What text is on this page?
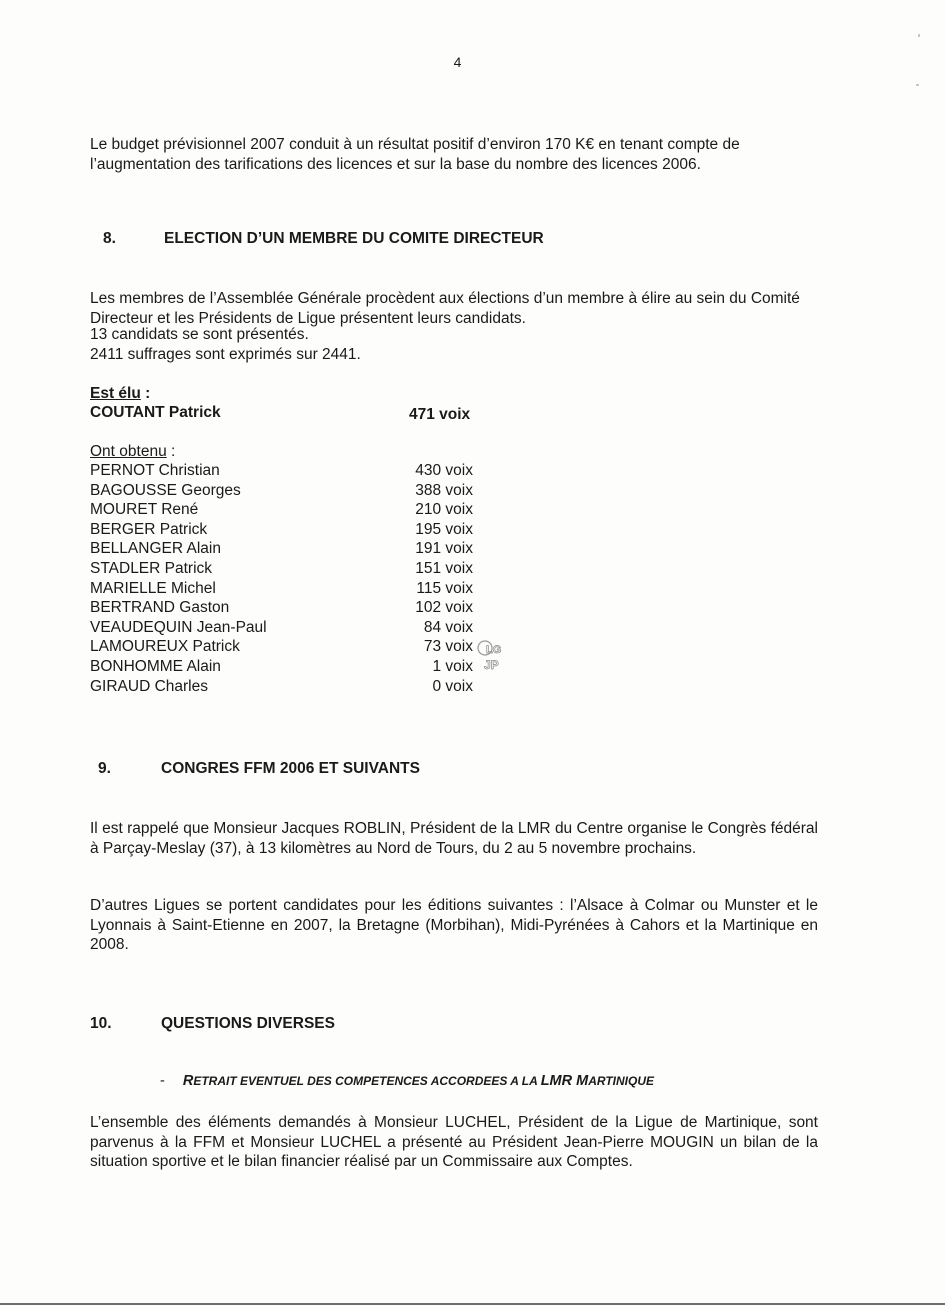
4

Le budget prévisionnel 2007 conduit à un résultat positif d’environ 170 K€ en tenant compte de l’augmentation des tarifications des licences et sur la base du nombre des licences 2006.

8.	ELECTION D’UN MEMBRE DU COMITE DIRECTEUR

Les membres de l’Assemblée Générale procèdent aux élections d’un membre à élire au sein du Comité Directeur et les Présidents de Ligue présentent leurs candidats.

13 candidats se sont présentés.
2411 suffrages sont exprimés sur 2441.
Est élu :
COUTANT Patrick	471 voix
Ont obtenu :
PERNOT Christian	430 voix
BAGOUSSE Georges	388 voix
MOURET René	210 voix
BERGER Patrick	195 voix
BELLANGER Alain	191 voix
STADLER Patrick	151 voix
MARIELLE Michel	115 voix
BERTRAND Gaston	102 voix
VEAUDEQUIN Jean-Paul	84 voix
LAMOUREUX Patrick	73 voix
BONHOMME Alain	1 voix
GIRAUD Charles	0 voix
LG
JP
9.	CONGRES FFM 2006 ET SUIVANTS

Il est rappelé que Monsieur Jacques ROBLIN, Président de la LMR du Centre organise le Congrès fédéral à Parçay-Meslay (37), à 13 kilomètres au Nord de Tours, du 2 au 5 novembre prochains.

D’autres Ligues se portent candidates pour les éditions suivantes : l’Alsace à Colmar ou Munster et le Lyonnais à Saint-Etienne en 2007, la Bretagne (Morbihan), Midi-Pyrénées à Cahors et la Martinique en 2008.

10.	QUESTIONS DIVERSES
- RETRAIT EVENTUEL DES COMPETENCES ACCORDEES A LA LMR MARTINIQUE

L’ensemble des éléments demandés à Monsieur LUCHEL, Président de la Ligue de Martinique, sont parvenus à la FFM et Monsieur LUCHEL a présenté au Président Jean-Pierre MOUGIN un bilan de la situation sportive et le bilan financier réalisé par un Commissaire aux Comptes.
